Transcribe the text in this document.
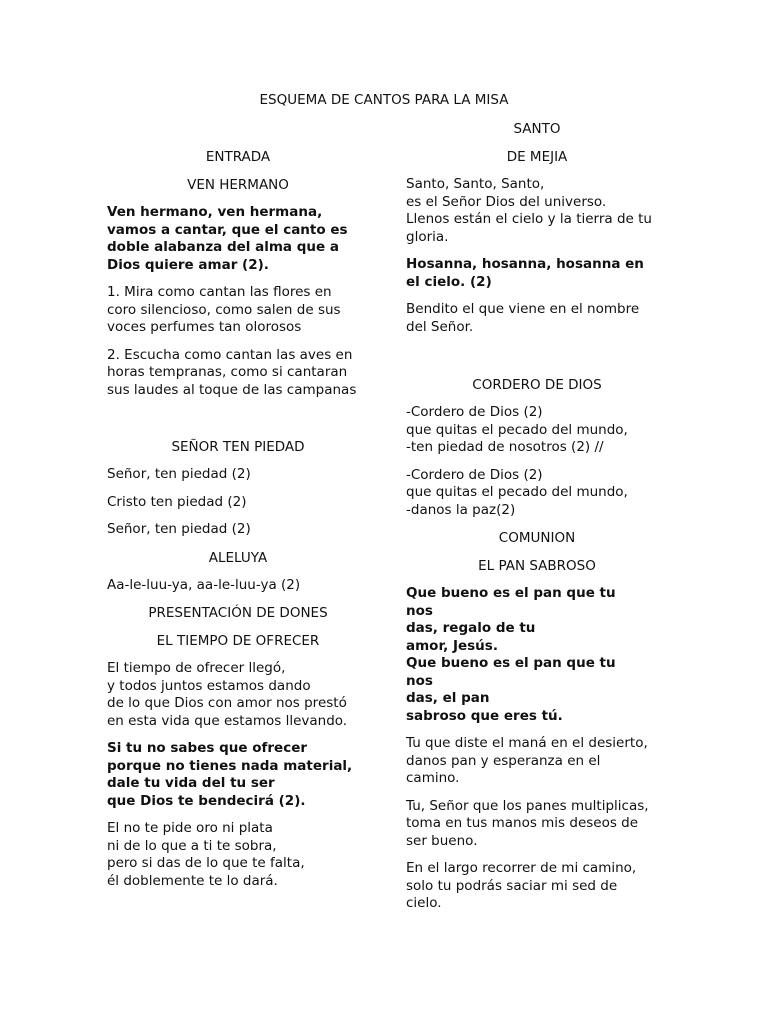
ESQUEMA DE CANTOS PARA LA MISA
ENTRADA
VEN HERMANO
Ven hermano, ven hermana,
vamos a cantar, que el canto es
doble alabanza del alma que a
Dios quiere amar (2).
1. Mira como cantan las flores en
coro silencioso, como salen de sus
voces perfumes tan olorosos
2. Escucha como cantan las aves en
horas tempranas, como si cantaran
sus laudes al toque de las campanas
SEÑOR TEN PIEDAD
Señor, ten piedad (2)
Cristo ten piedad (2)
Señor, ten piedad (2)
ALELUYA
Aa-le-luu-ya, aa-le-luu-ya (2)
PRESENTACIÓN DE DONES
EL TIEMPO DE OFRECER
El tiempo de ofrecer llegó,
y todos juntos estamos dando
de lo que Dios con amor nos prestó
en esta vida que estamos llevando.
Si tu no sabes que ofrecer
porque no tienes nada material,
dale tu vida del tu ser
que Dios te bendecirá (2).
El no te pide oro ni plata
ni de lo que a ti te sobra,
pero si das de lo que te falta,
él doblemente te lo dará.
SANTO
DE MEJIA
Santo, Santo, Santo,
es el Señor Dios del universo.
Llenos están el cielo y la tierra de tu
gloria.
Hosanna, hosanna, hosanna en
el cielo. (2)
Bendito el que viene en el nombre
del Señor.
CORDERO DE DIOS
-Cordero de Dios (2)
que quitas el pecado del mundo,
-ten piedad de nosotros (2) //
-Cordero de Dios (2)
que quitas el pecado del mundo,
-danos la paz(2)
COMUNION
EL PAN SABROSO
Que bueno es el pan que tu nos
das, regalo de tu
amor, Jesús.
Que bueno es el pan que tu nos
das, el pan
sabroso que eres tú.
Tu que diste el maná en el desierto,
danos pan y esperanza en el
camino.
Tu, Señor que los panes multiplicas,
toma en tus manos mis deseos de
ser bueno.
En el largo recorrer de mi camino,
solo tu podrás saciar mi sed de
cielo.
